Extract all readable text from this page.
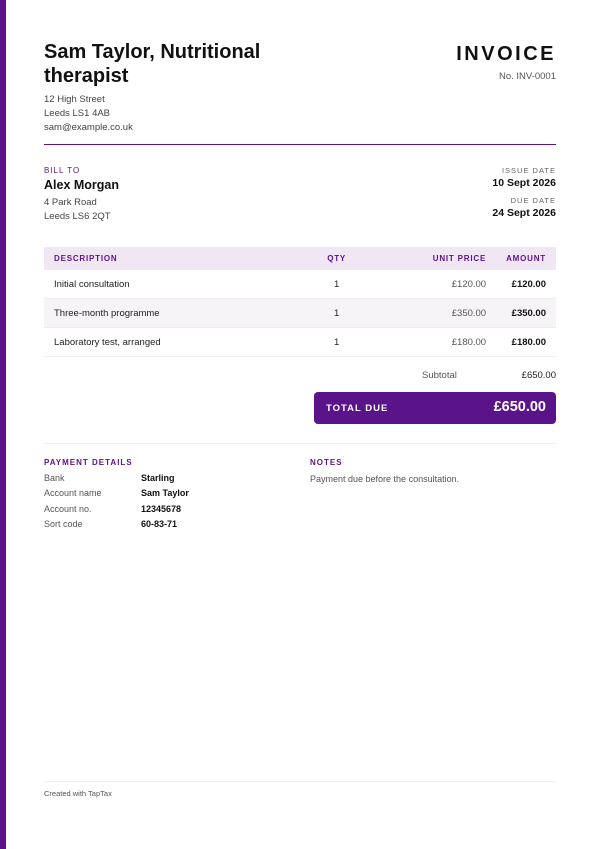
Sam Taylor, Nutritional therapist
12 High Street
Leeds LS1 4AB
sam@example.co.uk
INVOICE
No. INV-0001
BILL TO
Alex Morgan
4 Park Road
Leeds LS6 2QT
ISSUE DATE
10 Sept 2026
DUE DATE
24 Sept 2026
DESCRIPTION	QTY	UNIT PRICE	AMOUNT
Initial consultation	1	£120.00	£120.00
Three-month programme	1	£350.00	£350.00
Laboratory test, arranged	1	£180.00	£180.00
Subtotal	£650.00
TOTAL DUE	£650.00
PAYMENT DETAILS
Bank	Starling
Account name	Sam Taylor
Account no.	12345678
Sort code	60-83-71
NOTES
Payment due before the consultation.
Created with TapTax
